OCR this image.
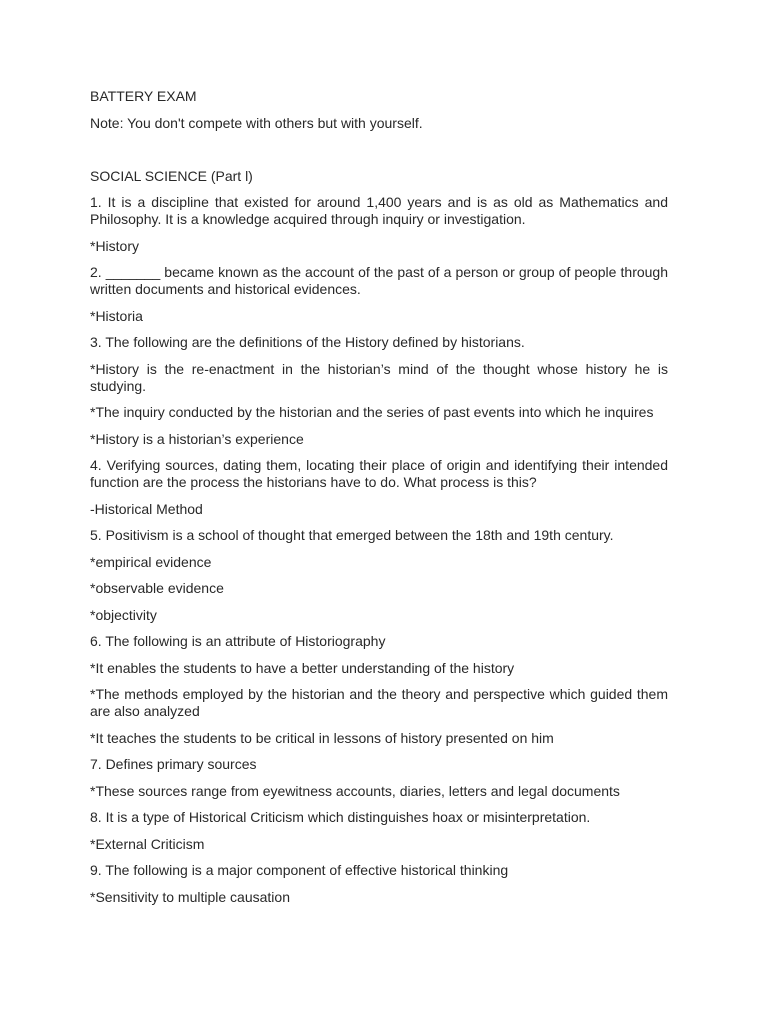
BATTERY EXAM

Note: You don't compete with others but with yourself.

SOCIAL SCIENCE (Part l)

1. It is a discipline that existed for around 1,400 years and is as old as Mathematics and Philosophy. It is a knowledge acquired through inquiry or investigation.

*History

2. _______ became known as the account of the past of a person or group of people through written documents and historical evidences.

*Historia

3. The following are the definitions of the History defined by historians.

*History is the re-enactment in the historian’s mind of the thought whose history he is studying.

*The inquiry conducted by the historian and the series of past events into which he inquires

*History is a historian’s experience

4. Verifying sources, dating them, locating their place of origin and identifying their intended function are the process the historians have to do. What process is this?

-Historical Method

5. Positivism is a school of thought that emerged between the 18th and 19th century.

*empirical evidence

*observable evidence

*objectivity

6. The following is an attribute of Historiography

*It enables the students to have a better understanding of the history

*The methods employed by the historian and the theory and perspective which guided them are also analyzed

*It teaches the students to be critical in lessons of history presented on him

7. Defines primary sources

*These sources range from eyewitness accounts, diaries, letters and legal documents

8. It is a type of Historical Criticism which distinguishes hoax or misinterpretation.

*External Criticism

9. The following is a major component of effective historical thinking

*Sensitivity to multiple causation
